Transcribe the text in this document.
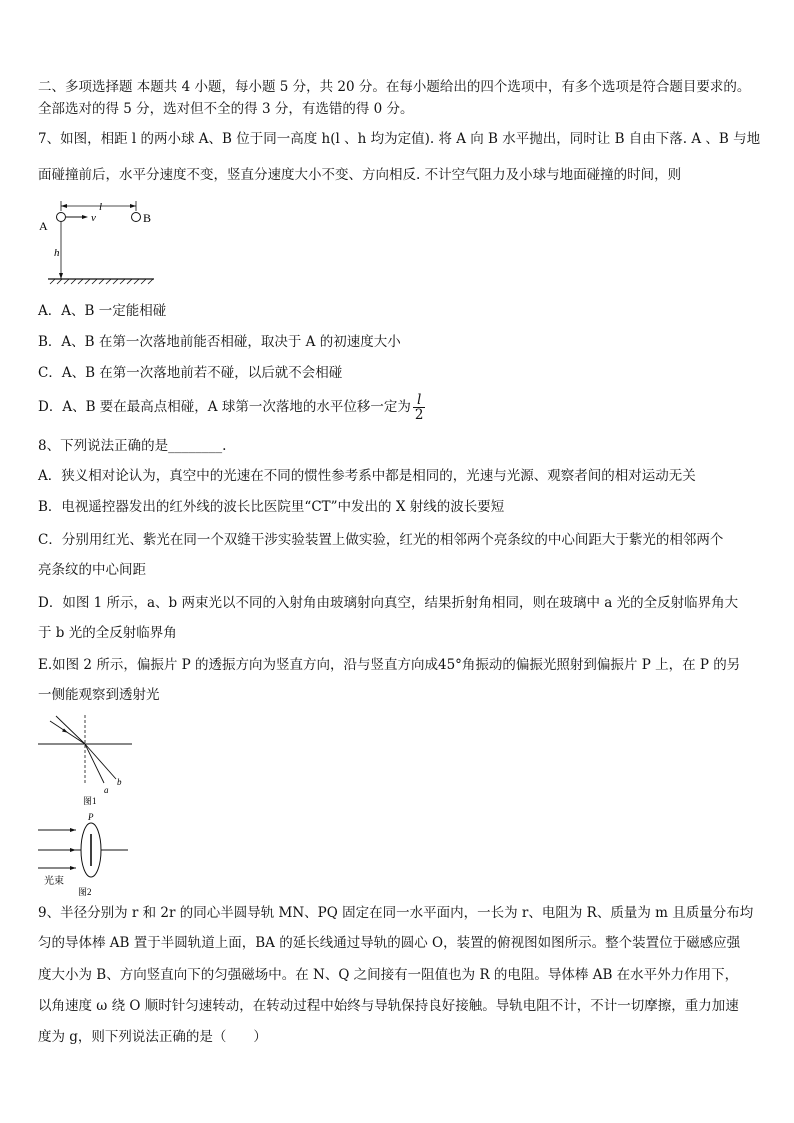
二、多项选择题 本题共 4 小题，每小题 5 分，共 20 分。在每小题给出的四个选项中，有多个选项是符合题目要求的。
全部选对的得 5 分，选对但不全的得 3 分，有选错的得 0 分。
7、如图，相距 l 的两小球 A、B 位于同一高度 h(l 、h 均为定值). 将 A 向 B 水平抛出，同时让 B 自由下落. A 、B 与地
面碰撞前后，水平分速度不变，竖直分速度大小不变、方向相反. 不计空气阻力及小球与地面碰撞的时间，则
l
A
v	B
h
A．A、B 一定能相碰
B．A、B 在第一次落地前能否相碰，取决于 A 的初速度大小
C．A、B 在第一次落地前若不碰，以后就不会相碰
D．A、B 要在最高点相碰，A 球第一次落地的水平位移一定为 $\frac{l}{2}$
8、下列说法正确的是________.
A．狭义相对论认为，真空中的光速在不同的惯性参考系中都是相同的，光速与光源、观察者间的相对运动无关
B．电视遥控器发出的红外线的波长比医院里“CT”中发出的 X 射线的波长要短
C．分别用红光、紫光在同一个双缝干涉实验装置上做实验，红光的相邻两个亮条纹的中心间距大于紫光的相邻两个
亮条纹的中心间距
D．如图 1 所示，a、b 两束光以不同的入射角由玻璃射向真空，结果折射角相同，则在玻璃中 a 光的全反射临界角大
于 b 光的全反射临界角
E.如图 2 所示，偏振片 P 的透振方向为竖直方向，沿与竖直方向成45°角振动的偏振光照射到偏振片 P 上，在 P 的另
一侧能观察到透射光
a
b
图1
P
光束
图2
9、半径分别为 r 和 2r 的同心半圆导轨 MN、PQ 固定在同一水平面内，一长为 r、电阻为 R、质量为 m 且质量分布均
匀的导体棒 AB 置于半圆轨道上面，BA 的延长线通过导轨的圆心 O，装置的俯视图如图所示。整个装置位于磁感应强
度大小为 B、方向竖直向下的匀强磁场中。在 N、Q 之间接有一阻值也为 R 的电阻。导体棒 AB 在水平外力作用下，
以角速度 ω 绕 O 顺时针匀速转动，在转动过程中始终与导轨保持良好接触。导轨电阻不计，不计一切摩擦，重力加速
度为 g，则下列说法正确的是（　　）
